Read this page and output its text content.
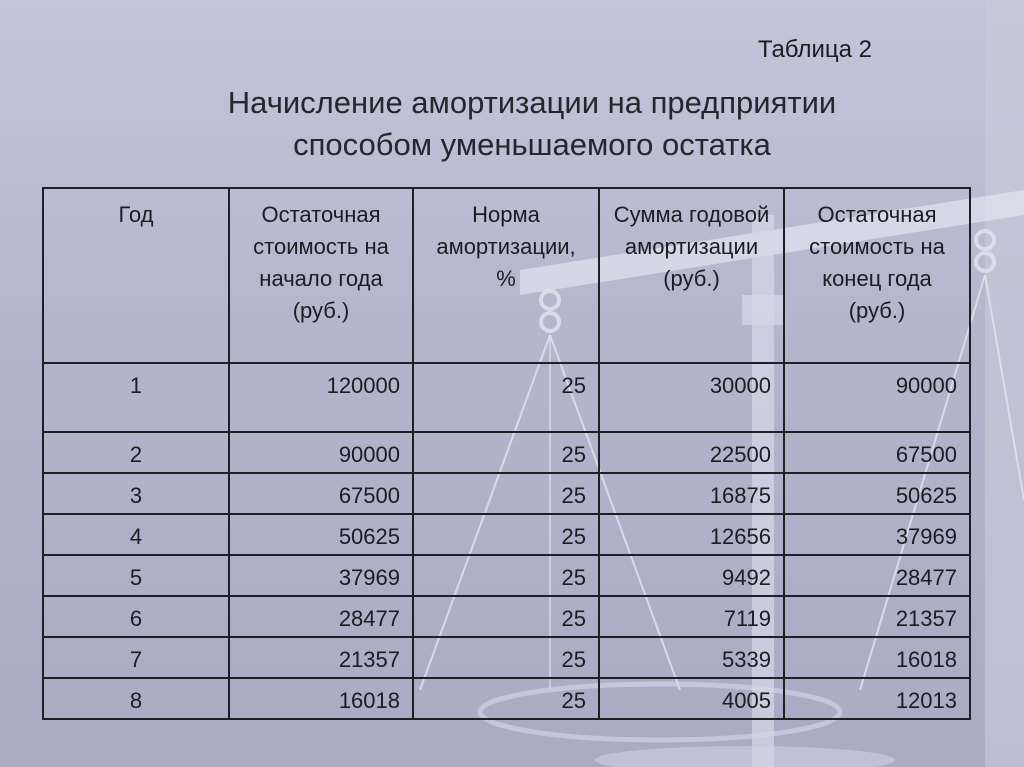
Таблица 2
Начисление амортизации на предприятии
способом уменьшаемого остатка
Год	Остаточная стоимость на начало года (руб.)	Норма амортизации, %	Сумма годовой амортизации (руб.)	Остаточная стоимость на конец года (руб.)
1	120000	25	30000	90000
2	90000	25	22500	67500
3	67500	25	16875	50625
4	50625	25	12656	37969
5	37969	25	9492	28477
6	28477	25	7119	21357
7	21357	25	5339	16018
8	16018	25	4005	12013
